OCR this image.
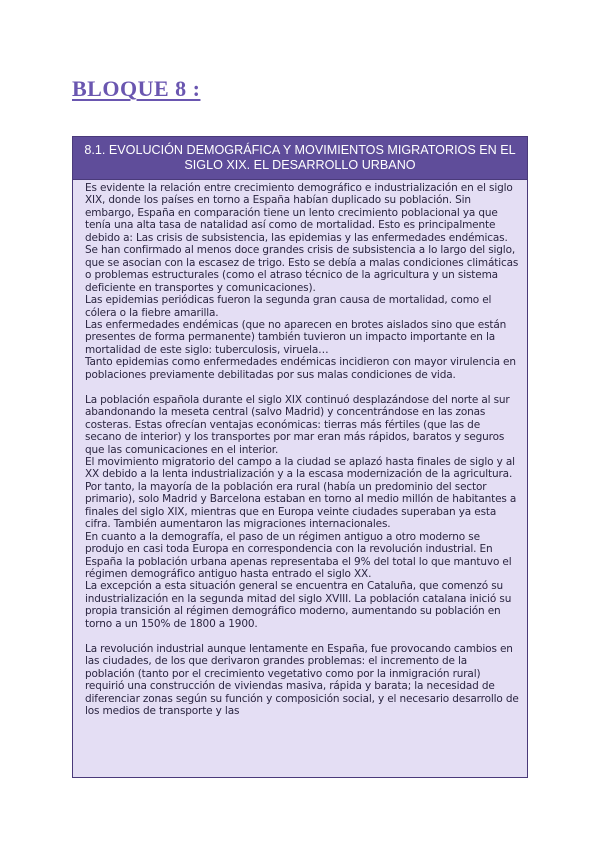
BLOQUE 8 :
8.1. EVOLUCIÓN DEMOGRÁFICA Y MOVIMIENTOS MIGRATORIOS EN EL SIGLO XIX. EL DESARROLLO URBANO

Es evidente la relación entre crecimiento demográfico e industrialización en el siglo XIX, donde los países en torno a España habían duplicado su población. Sin embargo, España en comparación tiene un lento crecimiento poblacional ya que tenía una alta tasa de natalidad así como de mortalidad. Esto es principalmente debido a: Las crisis de subsistencia, las epidemias y las enfermedades endémicas.

Se han confirmado al menos doce grandes crisis de subsistencia a lo largo del siglo, que se asocian con la escasez de trigo. Esto se debía a malas condiciones climáticas o problemas estructurales (como el atraso técnico de la agricultura y un sistema deficiente en transportes y comunicaciones).

Las epidemias periódicas fueron la segunda gran causa de mortalidad, como el cólera o la fiebre amarilla.

Las enfermedades endémicas (que no aparecen en brotes aislados sino que están presentes de forma permanente) también tuvieron un impacto importante en la mortalidad de este siglo: tuberculosis, viruela…

Tanto epidemias como enfermedades endémicas incidieron con mayor virulencia en poblaciones previamente debilitadas por sus malas condiciones de vida.

La población española durante el siglo XIX continuó desplazándose del norte al sur abandonando la meseta central (salvo Madrid) y concentrándose en las zonas costeras. Estas ofrecían ventajas económicas: tierras más fértiles (que las de secano de interior) y los transportes por mar eran más rápidos, baratos y seguros que las comunicaciones en el interior.

El movimiento migratorio del campo a la ciudad se aplazó hasta finales de siglo y al XX debido a la lenta industrialización y a la escasa modernización de la agricultura. Por tanto, la mayoría de la población era rural (había un predominio del sector primario), solo Madrid y Barcelona estaban en torno al medio millón de habitantes a finales del siglo XIX, mientras que en Europa veinte ciudades superaban ya esta cifra. También aumentaron las migraciones internacionales.

En cuanto a la demografía, el paso de un régimen antiguo a otro moderno se produjo en casi toda Europa en correspondencia con la revolución industrial. En España la población urbana apenas representaba el 9% del total lo que mantuvo el régimen demográfico antiguo hasta entrado el siglo XX.

La excepción a esta situación general se encuentra en Cataluña, que comenzó su industrialización en la segunda mitad del siglo XVIII. La población catalana inició su propia transición al régimen demográfico moderno, aumentando su población en torno a un 150% de 1800 a 1900.

La revolución industrial aunque lentamente en España, fue provocando cambios en las ciudades, de los que derivaron grandes problemas: el incremento de la población (tanto por el crecimiento vegetativo como por la inmigración rural) requirió una construcción de viviendas masiva, rápida y barata; la necesidad de diferenciar zonas según su función y composición social, y el necesario desarrollo de los medios de transporte y las
